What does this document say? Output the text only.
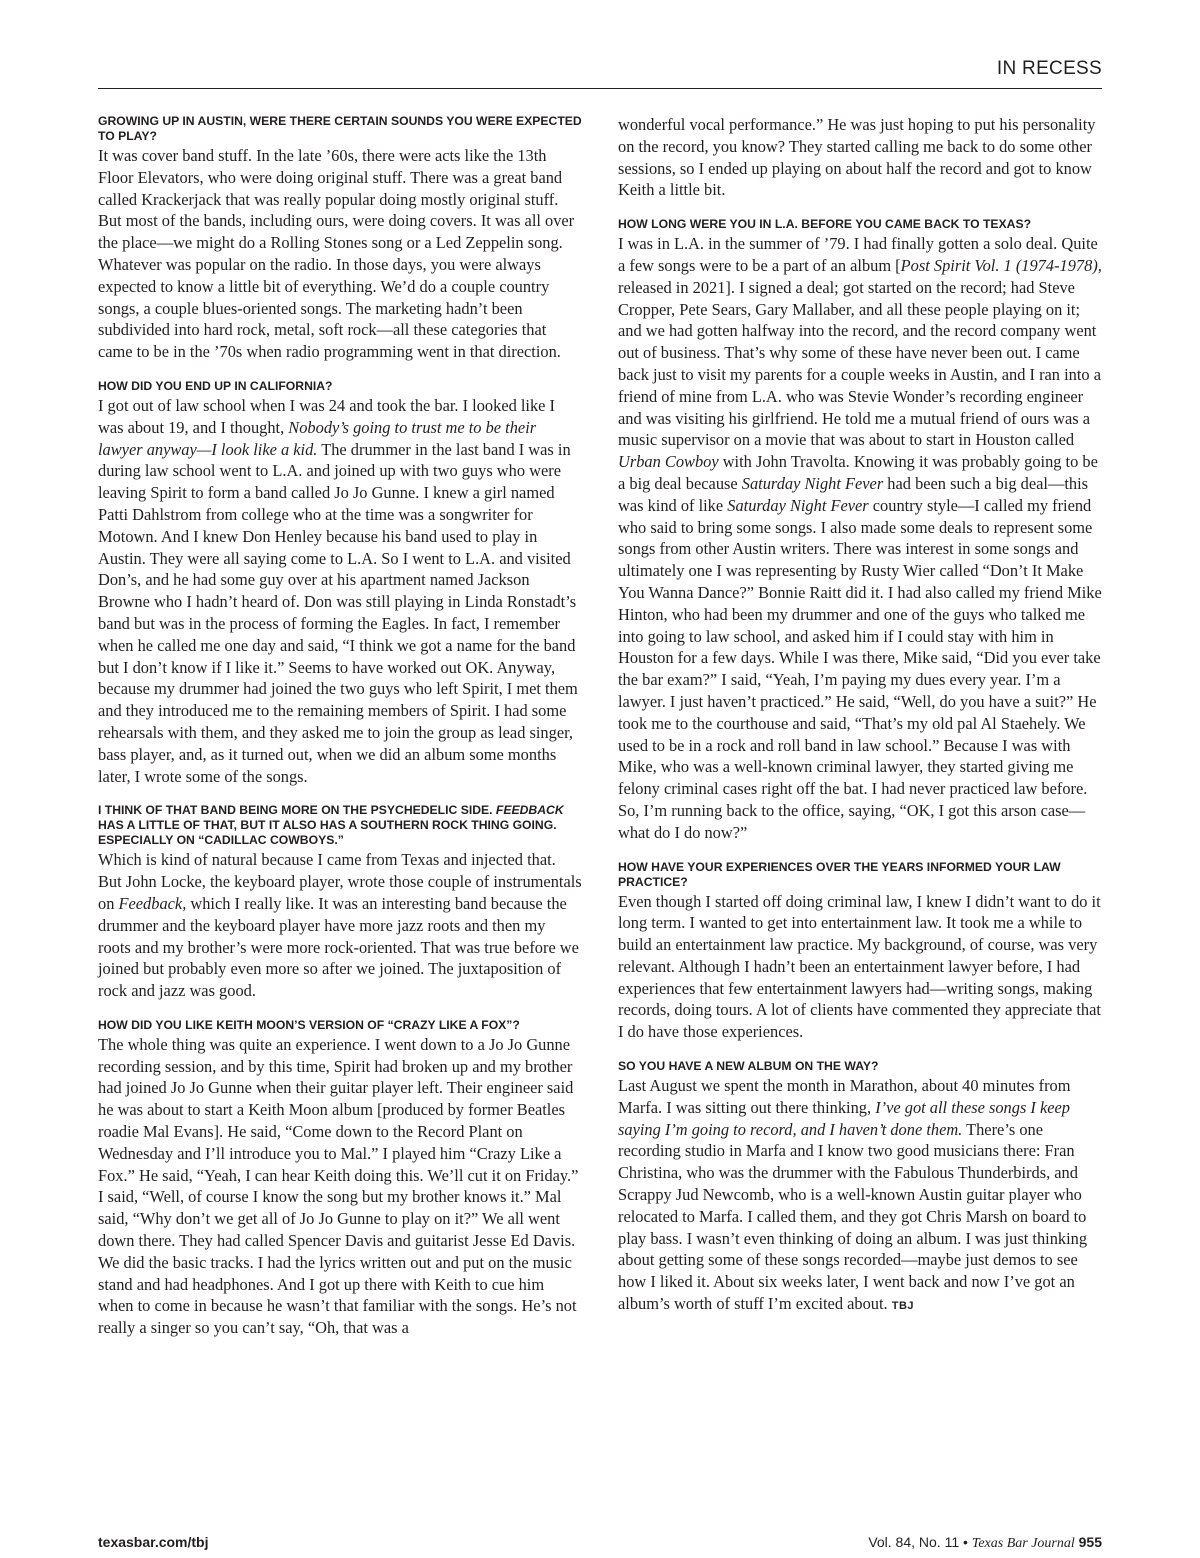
IN RECESS

GROWING UP IN AUSTIN, WERE THERE CERTAIN SOUNDS YOU WERE EXPECTED TO PLAY?

It was cover band stuff. In the late ’60s, there were acts like the 13th Floor Elevators, who were doing original stuff. There was a great band called Krackerjack that was really popular doing mostly original stuff. But most of the bands, including ours, were doing covers. It was all over the place—we might do a Rolling Stones song or a Led Zeppelin song. Whatever was popular on the radio. In those days, you were always expected to know a little bit of everything. We’d do a couple country songs, a couple blues-oriented songs. The marketing hadn’t been subdivided into hard rock, metal, soft rock—all these categories that came to be in the ’70s when radio programming went in that direction.

HOW DID YOU END UP IN CALIFORNIA?

I got out of law school when I was 24 and took the bar. I looked like I was about 19, and I thought, Nobody’s going to trust me to be their lawyer anyway—I look like a kid. The drummer in the last band I was in during law school went to L.A. and joined up with two guys who were leaving Spirit to form a band called Jo Jo Gunne. I knew a girl named Patti Dahlstrom from college who at the time was a songwriter for Motown. And I knew Don Henley because his band used to play in Austin. They were all saying come to L.A. So I went to L.A. and visited Don’s, and he had some guy over at his apartment named Jackson Browne who I hadn’t heard of. Don was still playing in Linda Ronstadt’s band but was in the process of forming the Eagles. In fact, I remember when he called me one day and said, “I think we got a name for the band but I don’t know if I like it.” Seems to have worked out OK. Anyway, because my drummer had joined the two guys who left Spirit, I met them and they introduced me to the remaining members of Spirit. I had some rehearsals with them, and they asked me to join the group as lead singer, bass player, and, as it turned out, when we did an album some months later, I wrote some of the songs.

I THINK OF THAT BAND BEING MORE ON THE PSYCHEDELIC SIDE. FEEDBACK HAS A LITTLE OF THAT, BUT IT ALSO HAS A SOUTHERN ROCK THING GOING. ESPECIALLY ON “CADILLAC COWBOYS.”

Which is kind of natural because I came from Texas and injected that. But John Locke, the keyboard player, wrote those couple of instrumentals on Feedback, which I really like. It was an interesting band because the drummer and the keyboard player have more jazz roots and then my roots and my brother’s were more rock-oriented. That was true before we joined but probably even more so after we joined. The juxtaposition of rock and jazz was good.

HOW DID YOU LIKE KEITH MOON’S VERSION OF “CRAZY LIKE A FOX”?

The whole thing was quite an experience. I went down to a Jo Jo Gunne recording session, and by this time, Spirit had broken up and my brother had joined Jo Jo Gunne when their guitar player left. Their engineer said he was about to start a Keith Moon album [produced by former Beatles roadie Mal Evans]. He said, “Come down to the Record Plant on Wednesday and I’ll introduce you to Mal.” I played him “Crazy Like a Fox.” He said, “Yeah, I can hear Keith doing this. We’ll cut it on Friday.” I said, “Well, of course I know the song but my brother knows it.” Mal said, “Why don’t we get all of Jo Jo Gunne to play on it?” We all went down there. They had called Spencer Davis and guitarist Jesse Ed Davis. We did the basic tracks. I had the lyrics written out and put on the music stand and had headphones. And I got up there with Keith to cue him when to come in because he wasn’t that familiar with the songs. He’s not really a singer so you can’t say, “Oh, that was a

wonderful vocal performance.” He was just hoping to put his personality on the record, you know? They started calling me back to do some other sessions, so I ended up playing on about half the record and got to know Keith a little bit.

HOW LONG WERE YOU IN L.A. BEFORE YOU CAME BACK TO TEXAS?

I was in L.A. in the summer of ’79. I had finally gotten a solo deal. Quite a few songs were to be a part of an album [Post Spirit Vol. 1 (1974-1978), released in 2021]. I signed a deal; got started on the record; had Steve Cropper, Pete Sears, Gary Mallaber, and all these people playing on it; and we had gotten halfway into the record, and the record company went out of business. That’s why some of these have never been out. I came back just to visit my parents for a couple weeks in Austin, and I ran into a friend of mine from L.A. who was Stevie Wonder’s recording engineer and was visiting his girlfriend. He told me a mutual friend of ours was a music supervisor on a movie that was about to start in Houston called Urban Cowboy with John Travolta. Knowing it was probably going to be a big deal because Saturday Night Fever had been such a big deal—this was kind of like Saturday Night Fever country style—I called my friend who said to bring some songs. I also made some deals to represent some songs from other Austin writers. There was interest in some songs and ultimately one I was representing by Rusty Wier called “Don’t It Make You Wanna Dance?” Bonnie Raitt did it. I had also called my friend Mike Hinton, who had been my drummer and one of the guys who talked me into going to law school, and asked him if I could stay with him in Houston for a few days. While I was there, Mike said, “Did you ever take the bar exam?” I said, “Yeah, I’m paying my dues every year. I’m a lawyer. I just haven’t practiced.” He said, “Well, do you have a suit?” He took me to the courthouse and said, “That’s my old pal Al Staehely. We used to be in a rock and roll band in law school.” Because I was with Mike, who was a well-known criminal lawyer, they started giving me felony criminal cases right off the bat. I had never practiced law before. So, I’m running back to the office, saying, “OK, I got this arson case—what do I do now?”

HOW HAVE YOUR EXPERIENCES OVER THE YEARS INFORMED YOUR LAW PRACTICE?

Even though I started off doing criminal law, I knew I didn’t want to do it long term. I wanted to get into entertainment law. It took me a while to build an entertainment law practice. My background, of course, was very relevant. Although I hadn’t been an entertainment lawyer before, I had experiences that few entertainment lawyers had—writing songs, making records, doing tours. A lot of clients have commented they appreciate that I do have those experiences.

SO YOU HAVE A NEW ALBUM ON THE WAY?

Last August we spent the month in Marathon, about 40 minutes from Marfa. I was sitting out there thinking, I’ve got all these songs I keep saying I’m going to record, and I haven’t done them. There’s one recording studio in Marfa and I know two good musicians there: Fran Christina, who was the drummer with the Fabulous Thunderbirds, and Scrappy Jud Newcomb, who is a well-known Austin guitar player who relocated to Marfa. I called them, and they got Chris Marsh on board to play bass. I wasn’t even thinking of doing an album. I was just thinking about getting some of these songs recorded—maybe just demos to see how I liked it. About six weeks later, I went back and now I’ve got an album’s worth of stuff I’m excited about. TBJ

texasbar.com/tbj	Vol. 84, No. 11 • Texas Bar Journal 955
